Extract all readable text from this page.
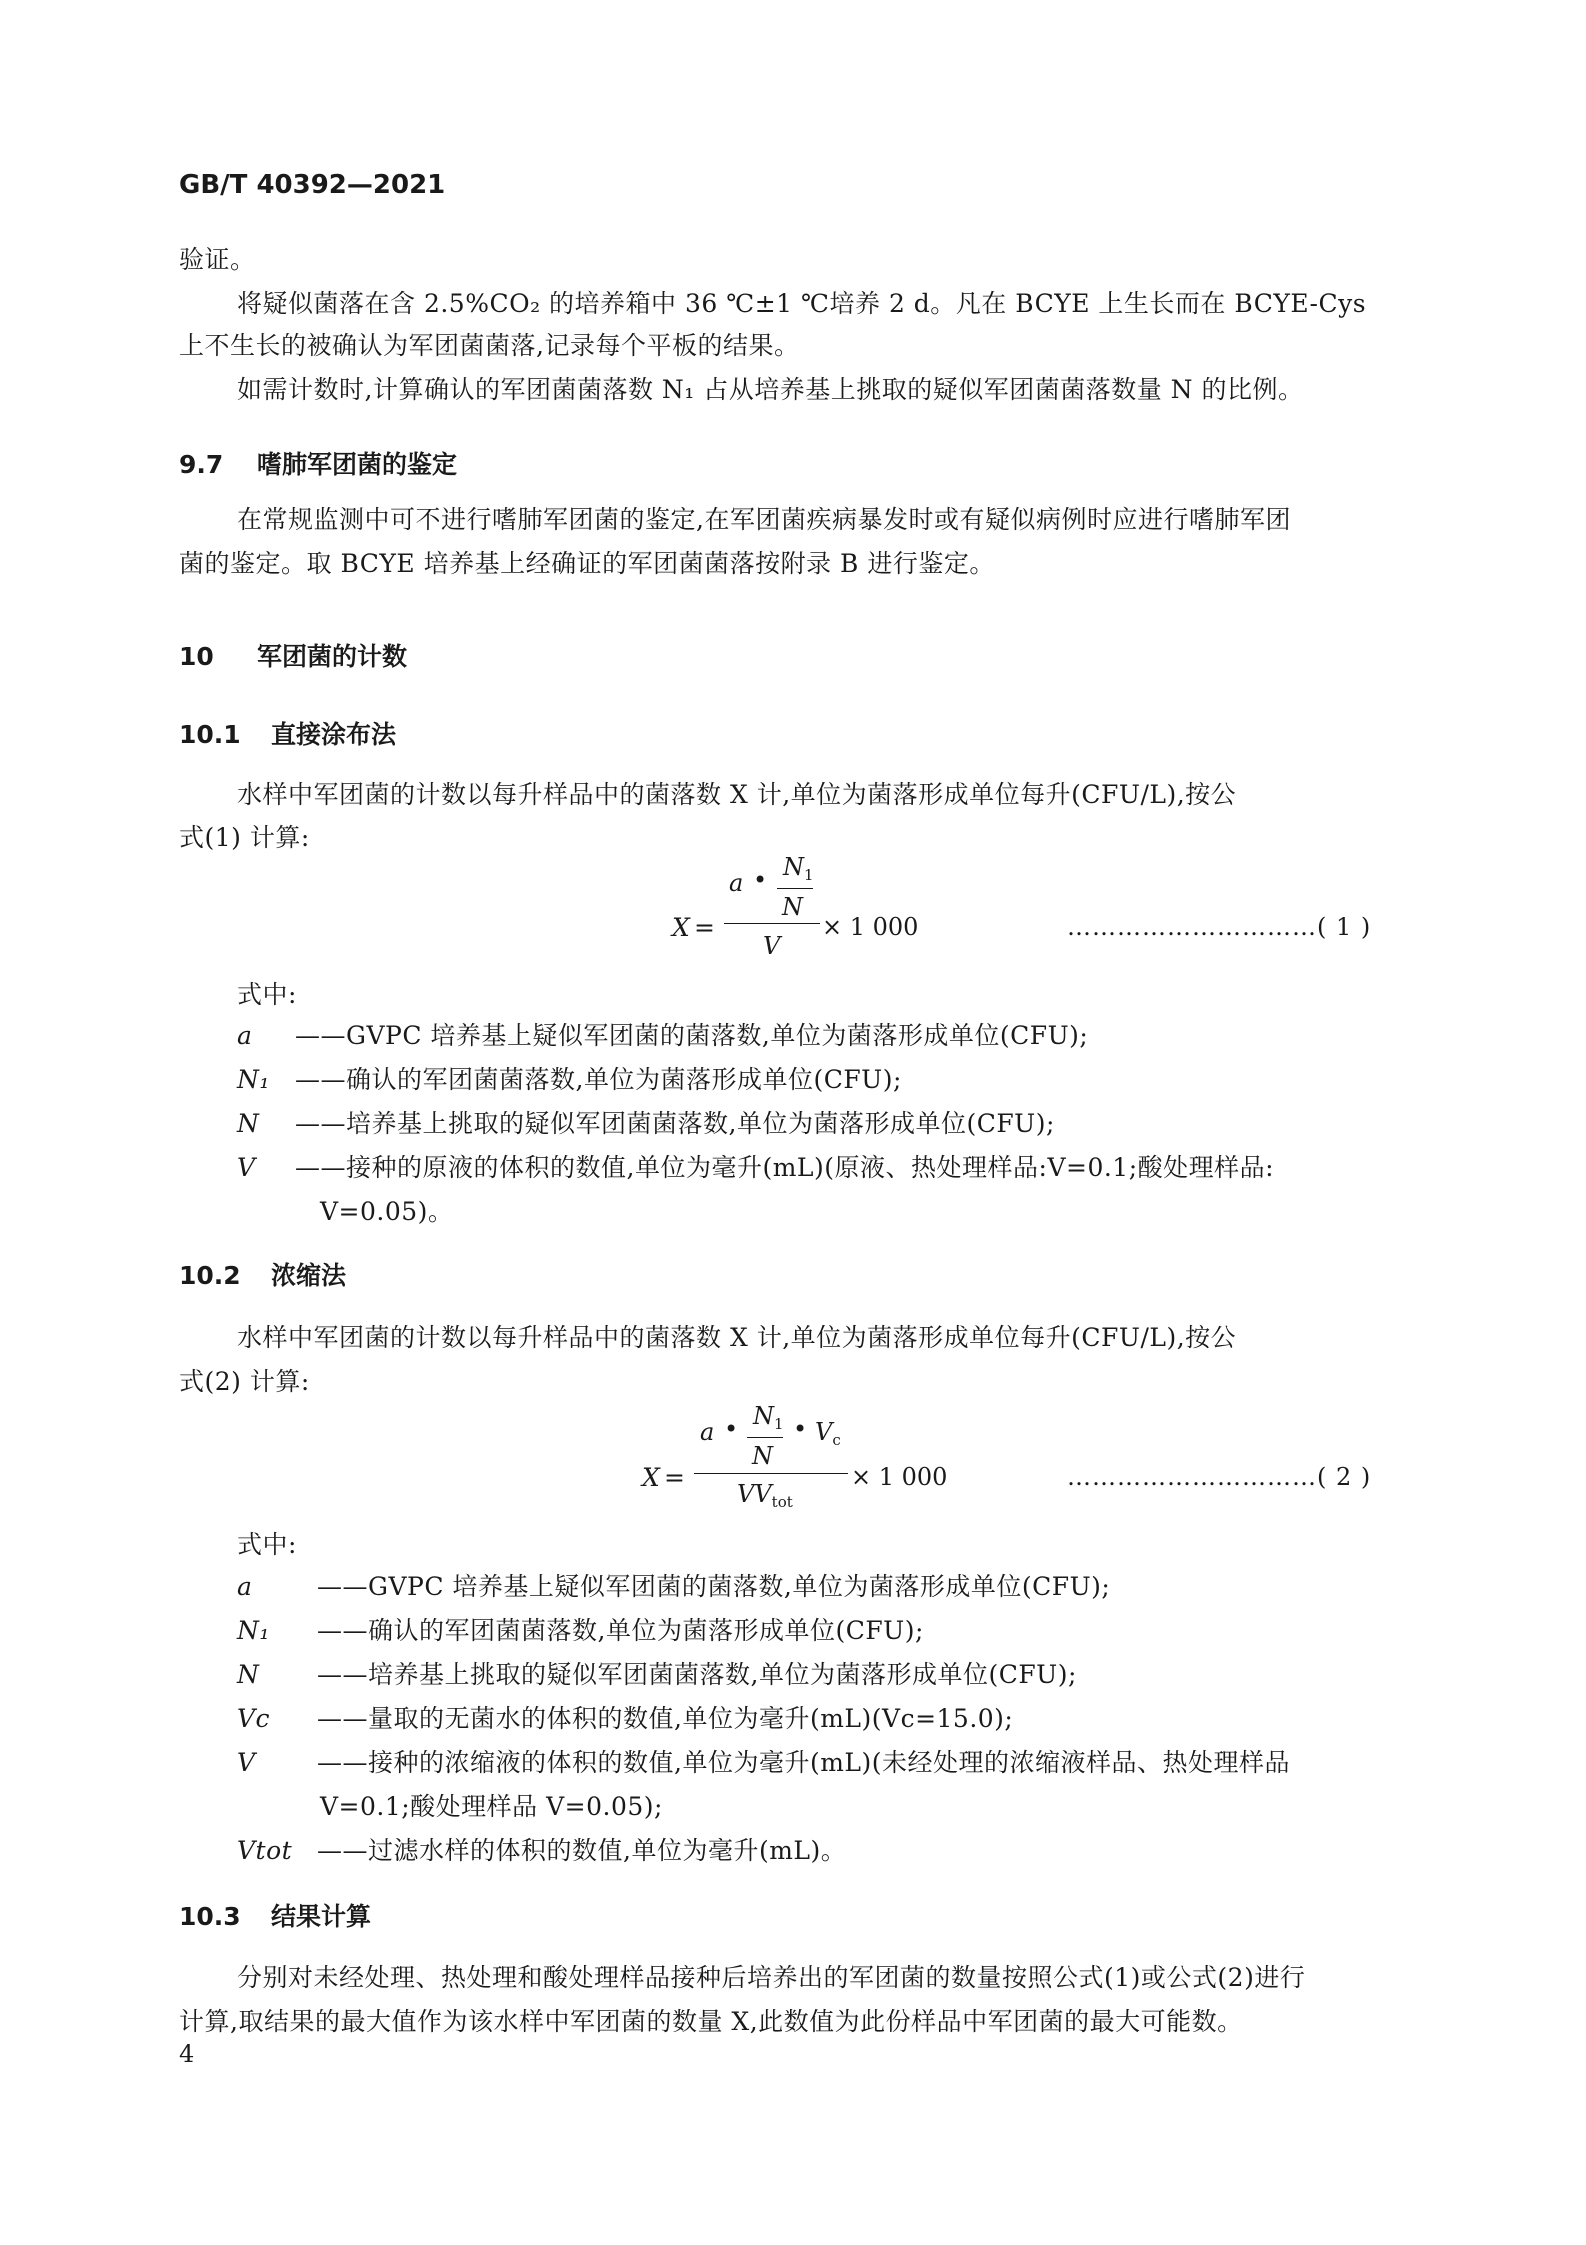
GB/T 40392—2021
验证。
将疑似菌落在含 2.5%CO₂ 的培养箱中 36 ℃±1 ℃培养 2 d。凡在 BCYE 上生长而在 BCYE-Cys
上不生长的被确认为军团菌菌落,记录每个平板的结果。
如需计数时,计算确认的军团菌菌落数 N₁ 占从培养基上挑取的疑似军团菌菌落数量 N 的比例。
9.7 嗜肺军团菌的鉴定
在常规监测中可不进行嗜肺军团菌的鉴定,在军团菌疾病暴发时或有疑似病例时应进行嗜肺军团
菌的鉴定。取 BCYE 培养基上经确证的军团菌菌落按附录 B 进行鉴定。
10 军团菌的计数
10.1 直接涂布法
水样中军团菌的计数以每升样品中的菌落数 X 计,单位为菌落形成单位每升(CFU/L),按公
式(1) 计算:
a • $N_1$
N
X =
V
× 1 000	…………………………( 1 )
式中:
a ——GVPC 培养基上疑似军团菌的菌落数,单位为菌落形成单位(CFU);
N₁ ——确认的军团菌菌落数,单位为菌落形成单位(CFU);
N ——培养基上挑取的疑似军团菌菌落数,单位为菌落形成单位(CFU);
V ——接种的原液的体积的数值,单位为毫升(mL)(原液、热处理样品:V=0.1;酸处理样品:
V=0.05)。
10.2 浓缩法
水样中军团菌的计数以每升样品中的菌落数 X 计,单位为菌落形成单位每升(CFU/L),按公
式(2) 计算:
a • $N_1$
N
• $V_c$
X =
$VV_{tot}$
× 1 000	…………………………( 2 )
式中:
a	——GVPC 培养基上疑似军团菌的菌落数,单位为菌落形成单位(CFU);
N₁ ——确认的军团菌菌落数,单位为菌落形成单位(CFU);
N ——培养基上挑取的疑似军团菌菌落数,单位为菌落形成单位(CFU);
Vc ——量取的无菌水的体积的数值,单位为毫升(mL)(Vc=15.0);
V ——接种的浓缩液的体积的数值,单位为毫升(mL)(未经处理的浓缩液样品、热处理样品
V=0.1;酸处理样品 V=0.05);
Vtot ——过滤水样的体积的数值,单位为毫升(mL)。
10.3 结果计算
分别对未经处理、热处理和酸处理样品接种后培养出的军团菌的数量按照公式(1)或公式(2)进行
计算,取结果的最大值作为该水样中军团菌的数量 X,此数值为此份样品中军团菌的最大可能数。
4
